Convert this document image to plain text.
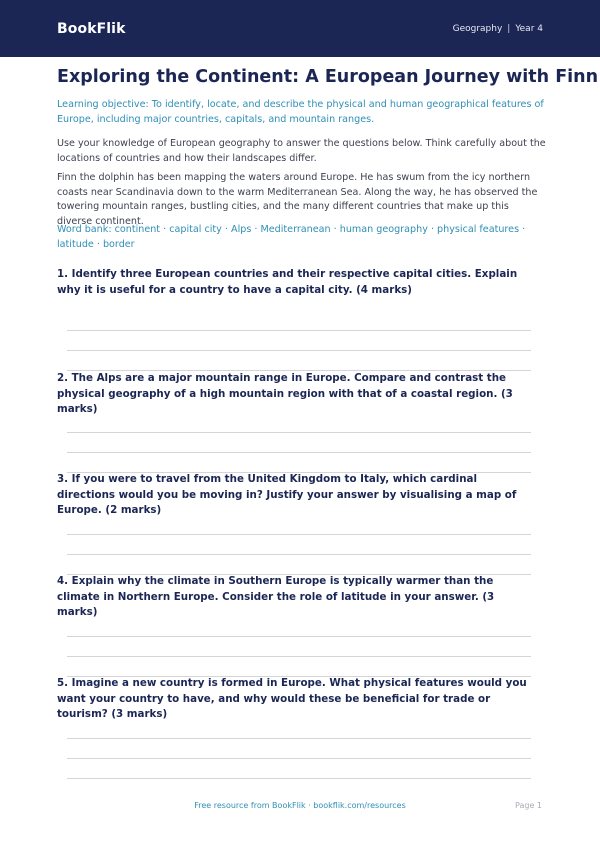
BookFlik	Geography | Year 4
Exploring the Continent: A European Journey with Finn

Learning objective: To identify, locate, and describe the physical and human geographical features of Europe, including major countries, capitals, and mountain ranges.

Use your knowledge of European geography to answer the questions below. Think carefully about the locations of countries and how their landscapes differ.

Finn the dolphin has been mapping the waters around Europe. He has swum from the icy northern coasts near Scandinavia down to the warm Mediterranean Sea. Along the way, he has observed the towering mountain ranges, bustling cities, and the many different countries that make up this diverse continent.

Word bank: continent · capital city · Alps · Mediterranean · human geography · physical features · latitude · border

1. Identify three European countries and their respective capital cities. Explain why it is useful for a country to have a capital city. (4 marks)

2. The Alps are a major mountain range in Europe. Compare and contrast the physical geography of a high mountain region with that of a coastal region. (3 marks)

3. If you were to travel from the United Kingdom to Italy, which cardinal directions would you be moving in? Justify your answer by visualising a map of Europe. (2 marks)

4. Explain why the climate in Southern Europe is typically warmer than the climate in Northern Europe. Consider the role of latitude in your answer. (3 marks)

5. Imagine a new country is formed in Europe. What physical features would you want your country to have, and why would these be beneficial for trade or tourism? (3 marks)

Free resource from BookFlik · bookflik.com/resources	Page 1
